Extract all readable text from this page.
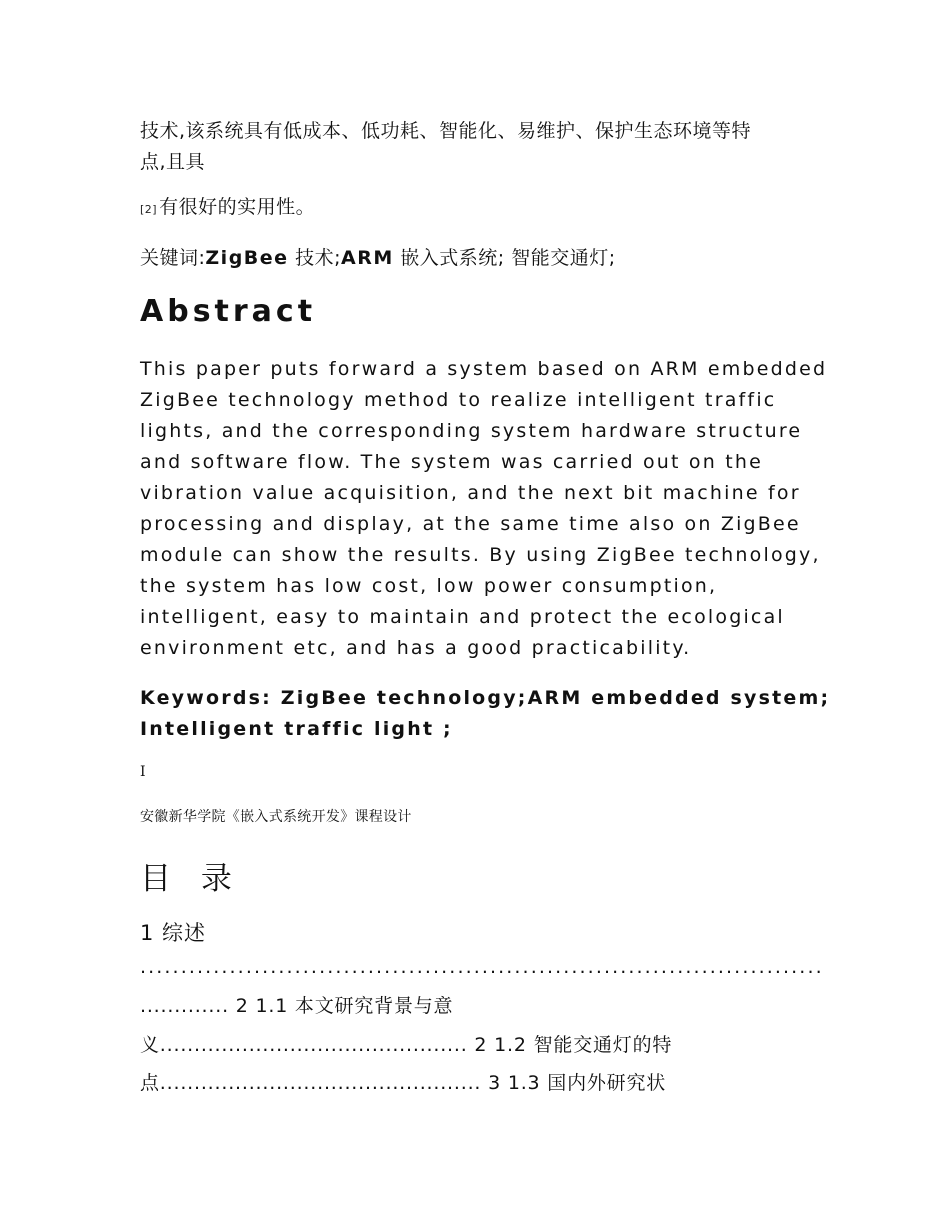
技术,该系统具有低成本、低功耗、智能化、易维护、保护生态环境等特

点,且具

[2] 有很好的实用性。

关键词:ZigBee 技术;ARM 嵌入式系统; 智能交通灯;

Abstract

This paper puts forward a system based on ARM embedded

ZigBee technology method to realize intelligent traffic

lights, and the corresponding system hardware structure

and software flow. The system was carried out on the

vibration value acquisition, and the next bit machine for

processing and display, at the same time also on ZigBee

module can show the results. By using ZigBee technology,

the system has low cost, low power consumption,

intelligent, easy to maintain and protect the ecological

environment etc, and has a good practicability.

Keywords: ZigBee technology;ARM embedded system;

Intelligent traffic light ;

I

安徽新华学院《嵌入式系统开发》课程设计

目 录

1 综述

....................................................................................

............. 2 1.1 本文研究背景与意

义............................................. 2 1.2 智能交通灯的特

点............................................... 3 1.3 国内外研究状
